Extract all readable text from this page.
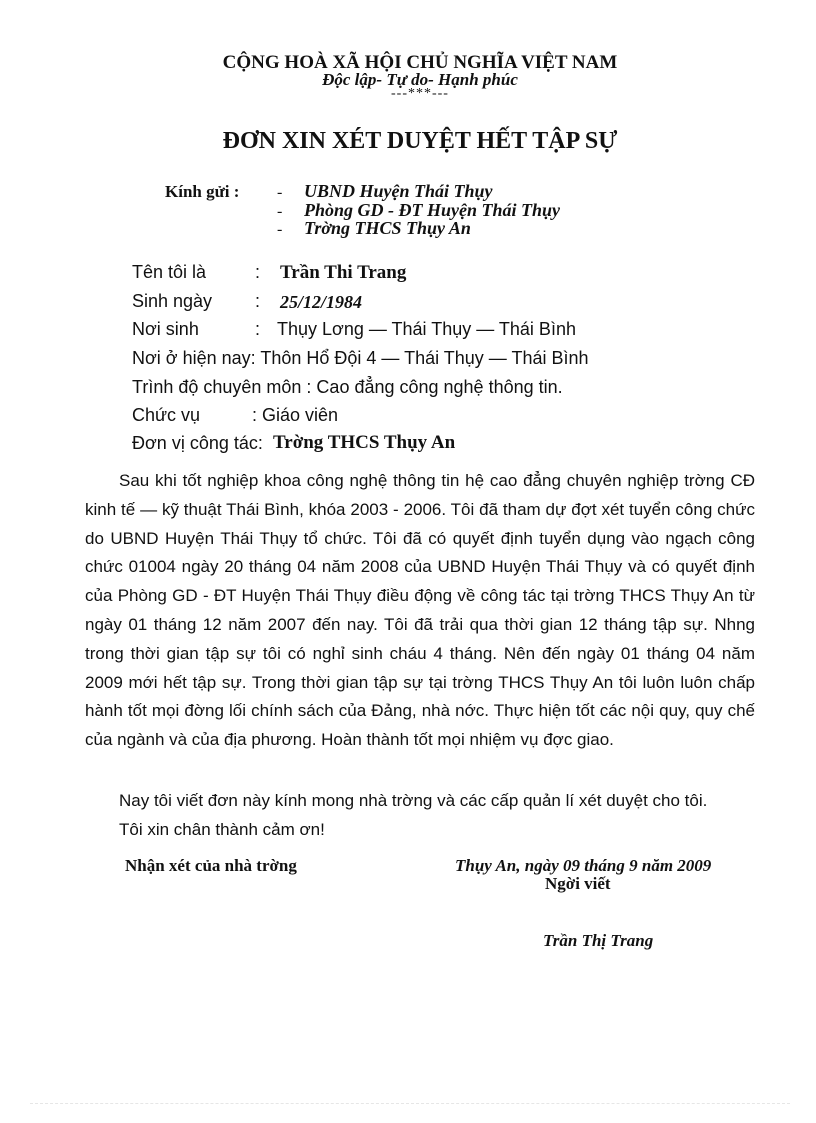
CỘNG HOÀ XÃ HỘI CHỦ NGHĨA VIỆT NAM
Độc lập- Tự do- Hạnh phúc
---***---
ĐƠN XIN XÉT DUYỆT HẾT TẬP SỰ
Kính gửi : - UBND Huyện Thái Thụy
- Phòng GD - ĐT Huyện Thái Thụy
- Trờng THCS Thụy An
Tên tôi là	: Trần Thi Trang
Sinh ngày : 25/12/1984
Nơi sinh	: Thụy Lơng — Thái Thụy — Thái Bình
Nơi ở hiện nay: Thôn Hổ Đội 4 — Thái Thụy — Thái Bình
Trình độ chuyên môn : Cao đẳng công nghệ thông tin.
Chức vụ	: Giáo viên
Đơn vị công tác: Trờng THCS Thụy An

Sau khi tốt nghiệp khoa công nghệ thông tin hệ cao đẳng chuyên nghiệp trờng CĐ kinh tế — kỹ thuật Thái Bình, khóa 2003 - 2006. Tôi đã tham dự đợt xét tuyển công chức do UBND Huyện Thái Thụy tổ chức. Tôi đã có quyết định tuyển dụng vào ngạch công chức 01004 ngày 20 tháng 04 năm 2008 của UBND Huyện Thái Thụy và có quyết định của Phòng GD - ĐT Huyện Thái Thụy điều động về công tác tại trờng THCS Thụy An từ ngày 01 tháng 12 năm 2007 đến nay. Tôi đã trải qua thời gian 12 tháng tập sự. Nhng trong thời gian tập sự tôi có nghỉ sinh cháu 4 tháng. Nên đến ngày 01 tháng 04 năm 2009 mới hết tập sự. Trong thời gian tập sự tại trờng THCS Thụy An tôi luôn luôn chấp hành tốt mọi đờng lối chính sách của Đảng, nhà nớc. Thực hiện tốt các nội quy, quy chế của ngành và của địa phương. Hoàn thành tốt mọi nhiệm vụ đợc giao.

Nay tôi viết đơn này kính mong nhà trờng và các cấp quản lí xét duyệt cho tôi.
Tôi xin chân thành cảm ơn!
Nhận xét của nhà trờng	Thụy An, ngày 09 tháng 9 năm 2009
Ngời viết
Trần Thị Trang
